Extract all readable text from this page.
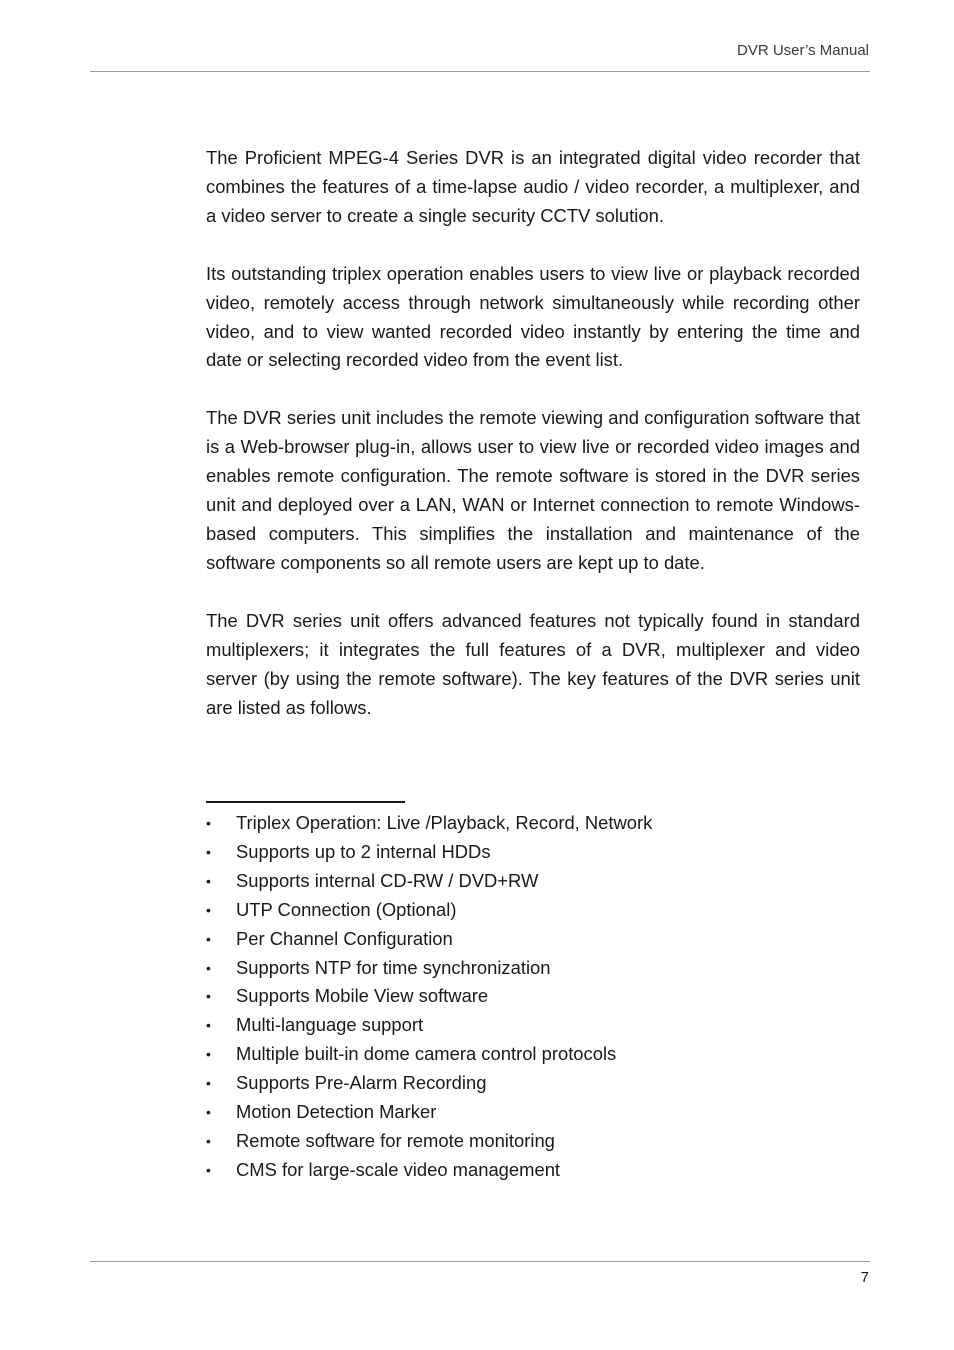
DVR User’s Manual

The Proficient MPEG-4 Series DVR is an integrated digital video recorder that combines the features of a time-lapse audio / video recorder, a multiplexer, and a video server to create a single security CCTV solution.

Its outstanding triplex operation enables users to view live or playback recorded video, remotely access through network simultaneously while recording other video, and to view wanted recorded video instantly by entering the time and date or selecting recorded video from the event list.

The DVR series unit includes the remote viewing and configuration software that is a Web-browser plug-in, allows user to view live or recorded video images and enables remote configuration. The remote software is stored in the DVR series unit and deployed over a LAN, WAN or Internet connection to remote Windows-based computers. This simplifies the installation and maintenance of the software components so all remote users are kept up to date.

The DVR series unit offers advanced features not typically found in standard multiplexers; it integrates the full features of a DVR, multiplexer and video server (by using the remote software). The key features of the DVR series unit are listed as follows.

• Triplex Operation: Live /Playback, Record, Network
• Supports up to 2 internal HDDs
• Supports internal CD-RW / DVD+RW
• UTP Connection (Optional)
• Per Channel Configuration
• Supports NTP for time synchronization
• Supports Mobile View software
• Multi-language support
• Multiple built-in dome camera control protocols
• Supports Pre-Alarm Recording
• Motion Detection Marker
• Remote software for remote monitoring
• CMS for large-scale video management
7
